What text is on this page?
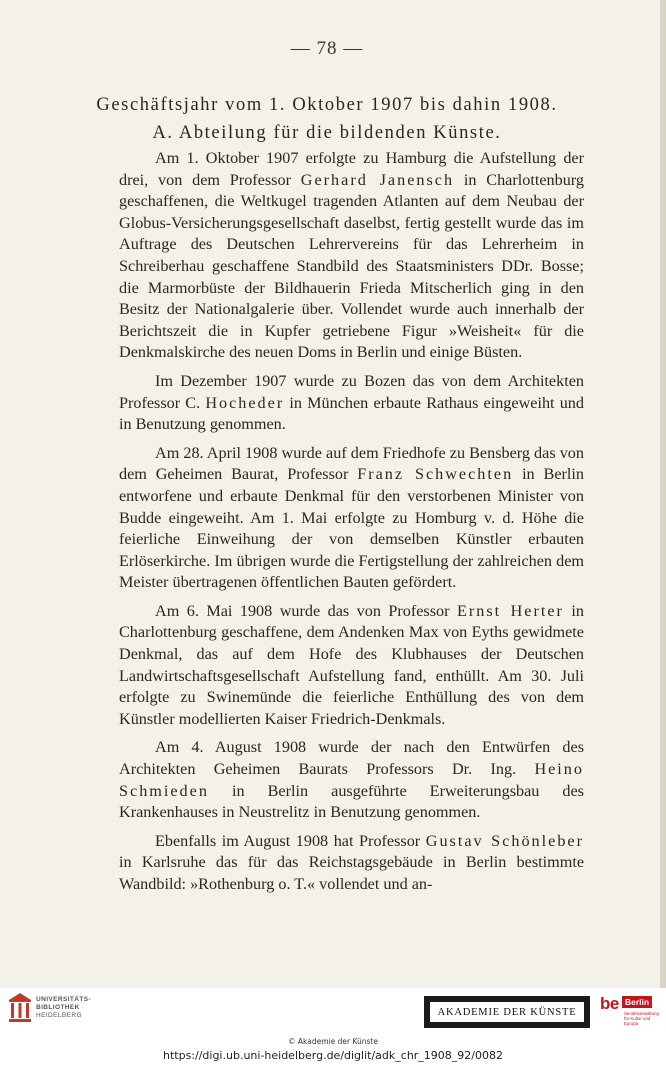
— 78 —
Geschäftsjahr vom 1. Oktober 1907 bis dahin 1908.
A. Abteilung für die bildenden Künste.

Am 1. Oktober 1907 erfolgte zu Hamburg die Aufstellung der drei, von dem Professor Gerhard Janensch in Charlottenburg geschaffenen, die Weltkugel tragenden Atlanten auf dem Neubau der Globus-Versicherungsgesellschaft daselbst, fertig gestellt wurde das im Auftrage des Deutschen Lehrervereins für das Lehrerheim in Schreiberhau geschaffene Standbild des Staatsministers DDr. Bosse; die Marmorbüste der Bildhauerin Frieda Mitscherlich ging in den Besitz der Nationalgalerie über. Vollendet wurde auch innerhalb der Berichtszeit die in Kupfer getriebene Figur »Weisheit« für die Denkmalskirche des neuen Doms in Berlin und einige Büsten.

Im Dezember 1907 wurde zu Bozen das von dem Architekten Professor C. Hocheder in München erbaute Rathaus eingeweiht und in Benutzung genommen.

Am 28. April 1908 wurde auf dem Friedhofe zu Bensberg das von dem Geheimen Baurat, Professor Franz Schwechten in Berlin entworfene und erbaute Denkmal für den verstorbenen Minister von Budde eingeweiht. Am 1. Mai erfolgte zu Homburg v. d. Höhe die feierliche Einweihung der von demselben Künstler erbauten Erlöserkirche. Im übrigen wurde die Fertigstellung der zahlreichen dem Meister übertragenen öffentlichen Bauten gefördert.

Am 6. Mai 1908 wurde das von Professor Ernst Herter in Charlottenburg geschaffene, dem Andenken Max von Eyths gewidmete Denkmal, das auf dem Hofe des Klubhauses der Deutschen Landwirtschaftsgesellschaft Aufstellung fand, enthüllt. Am 30. Juli erfolgte zu Swinemünde die feierliche Enthüllung des von dem Künstler modellierten Kaiser Friedrich-Denkmals.

Am 4. August 1908 wurde der nach den Entwürfen des Architekten Geheimen Baurats Professors Dr. Ing. Heino Schmieden in Berlin ausgeführte Erweiterungsbau des Krankenhauses in Neustrelitz in Benutzung genommen.

Ebenfalls im August 1908 hat Professor Gustav Schönleber in Karlsruhe das für das Reichstagsgebäude in Berlin bestimmte Wandbild: »Rothenburg o. T.« vollendet und an-

UNIVERSITÄTS-
BIBLIOTHEK
HEIDELBERG	AKADEMIE DER KÜNSTE	be Berlin
Senatsverwaltung für Kultur und Europa
© Akademie der Künste
https://digi.ub.uni-heidelberg.de/diglit/adk_chr_1908_92/0082
